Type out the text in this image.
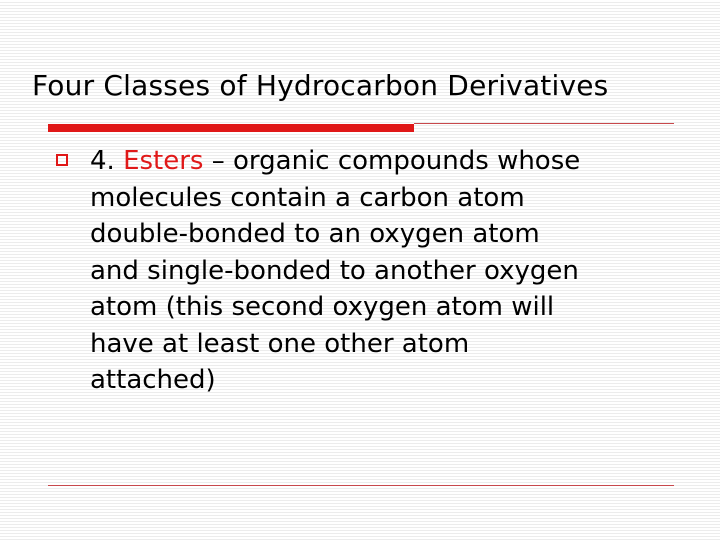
Four Classes of Hydrocarbon Derivatives
4. Esters – organic compounds whose
molecules contain a carbon atom
double-bonded to an oxygen atom
and single-bonded to another oxygen
atom (this second oxygen atom will
have at least one other atom
attached)
